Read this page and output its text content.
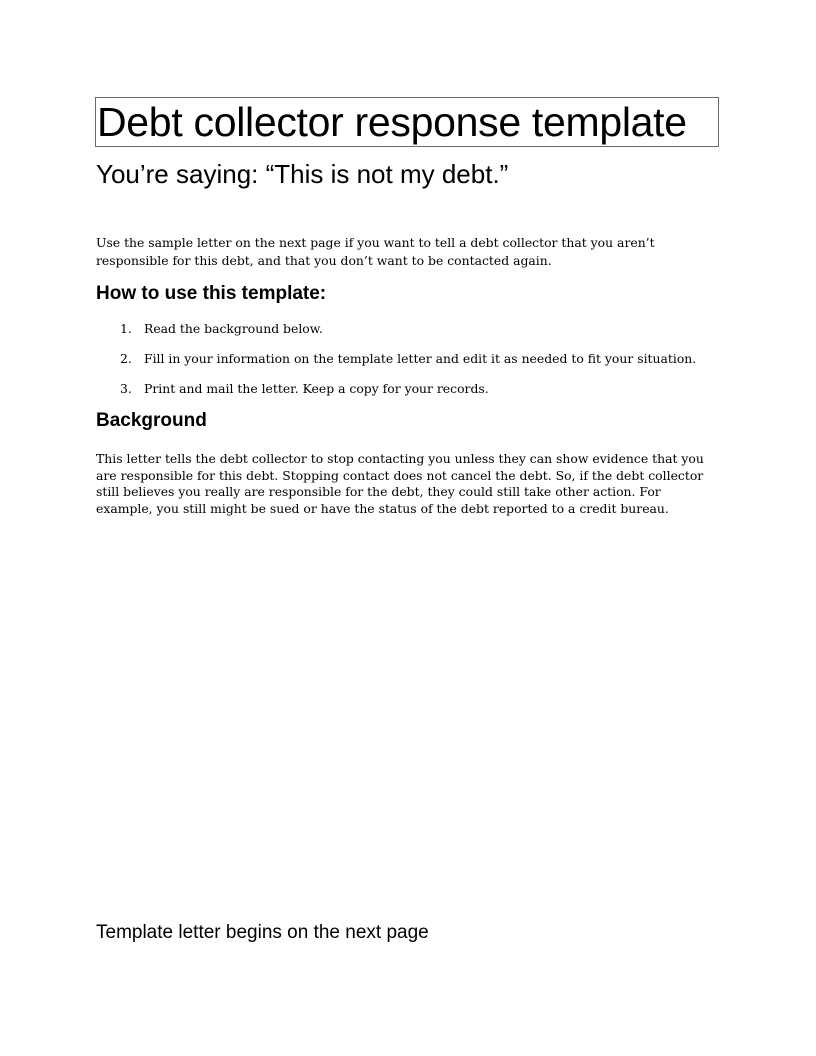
Debt collector response template
You’re saying: “This is not my debt.”

Use the sample letter on the next page if you want to tell a debt collector that you aren’t responsible for this debt, and that you don’t want to be contacted again.

How to use this template:
1. Read the background below.
2. Fill in your information on the template letter and edit it as needed to fit your situation.
3. Print and mail the letter. Keep a copy for your records.
Background

This letter tells the debt collector to stop contacting you unless they can show evidence that you are responsible for this debt. Stopping contact does not cancel the debt. So, if the debt collector still believes you really are responsible for the debt, they could still take other action. For example, you still might be sued or have the status of the debt reported to a credit bureau.

Template letter begins on the next page
